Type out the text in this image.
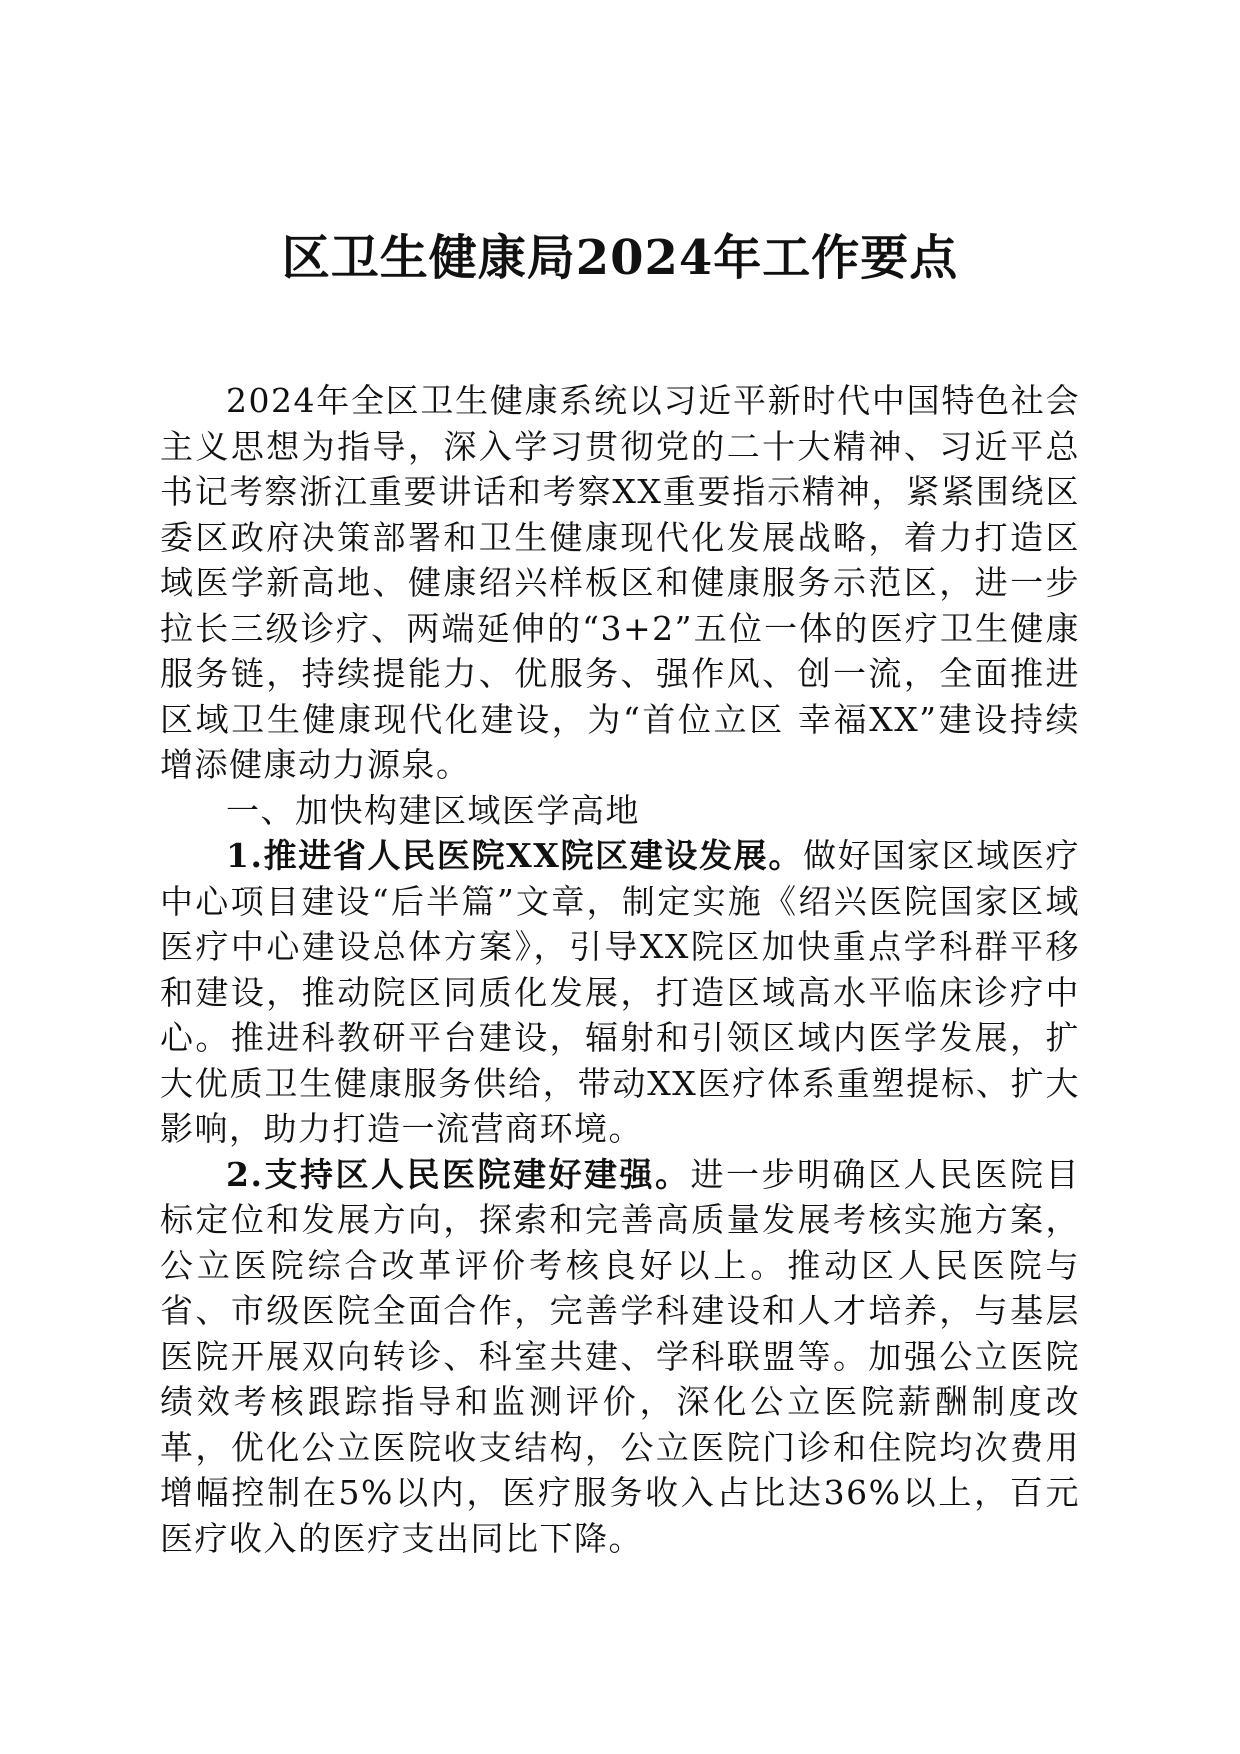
区卫生健康局2024年工作要点

2024年全区卫生健康系统以习近平新时代中国特色社会主义思想为指导，深入学习贯彻党的二十大精神、习近平总书记考察浙江重要讲话和考察XX重要指示精神，紧紧围绕区委区政府决策部署和卫生健康现代化发展战略，着力打造区域医学新高地、健康绍兴样板区和健康服务示范区，进一步拉长三级诊疗、两端延伸的“3+2”五位一体的医疗卫生健康服务链，持续提能力、优服务、强作风、创一流，全面推进区域卫生健康现代化建设，为“首位立区 幸福XX”建设持续增添健康动力源泉。

一、加快构建区域医学高地

1.推进省人民医院XX院区建设发展。做好国家区域医疗中心项目建设“后半篇”文章，制定实施《绍兴医院国家区域医疗中心建设总体方案》，引导XX院区加快重点学科群平移和建设，推动院区同质化发展，打造区域高水平临床诊疗中心。推进科教研平台建设，辐射和引领区域内医学发展，扩大优质卫生健康服务供给，带动XX医疗体系重塑提标、扩大影响，助力打造一流营商环境。

2.支持区人民医院建好建强。进一步明确区人民医院目标定位和发展方向，探索和完善高质量发展考核实施方案，公立医院综合改革评价考核良好以上。推动区人民医院与省、市级医院全面合作，完善学科建设和人才培养，与基层医院开展双向转诊、科室共建、学科联盟等。加强公立医院绩效考核跟踪指导和监测评价，深化公立医院薪酬制度改革，优化公立医院收支结构，公立医院门诊和住院均次费用增幅控制在5%以内，医疗服务收入占比达36%以上，百元医疗收入的医疗支出同比下降。
